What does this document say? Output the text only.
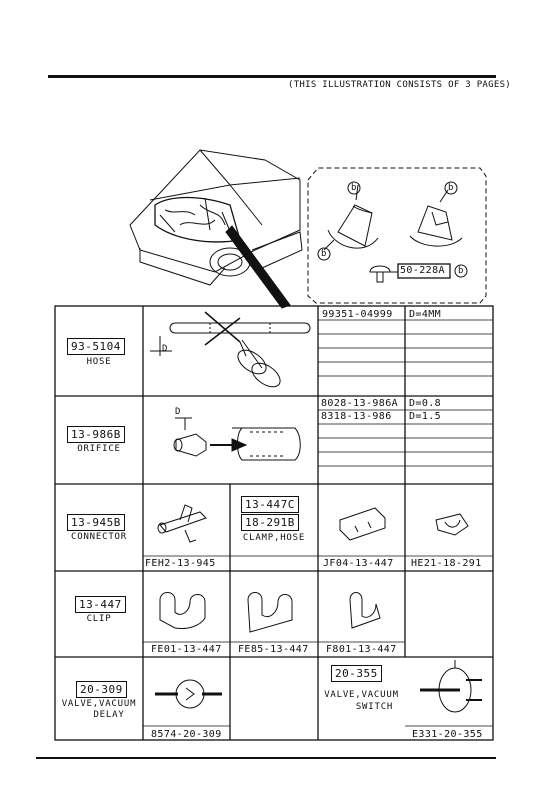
(THIS ILLUSTRATION CONSISTS OF 3 PAGES)
b	b
b
b
50-228A
93-5104
HOSE
D
99351-04999 D=4MM
13-986B
ORIFICE
D
8028-13-986A D=0.8
8318-13-986 D=1.5
13-945B
CONNECTOR
FEH2-13-945
13-447C
18-291B
CLAMP,HOSE
JF04-13-447 HE21-18-291
13-447
CLIP
FE01-13-447 FE85-13-447 F801-13-447
20-309
VALVE,VACUUM
DELAY
8574-20-309
20-355
VALVE,VACUUM
SWITCH
E331-20-355
